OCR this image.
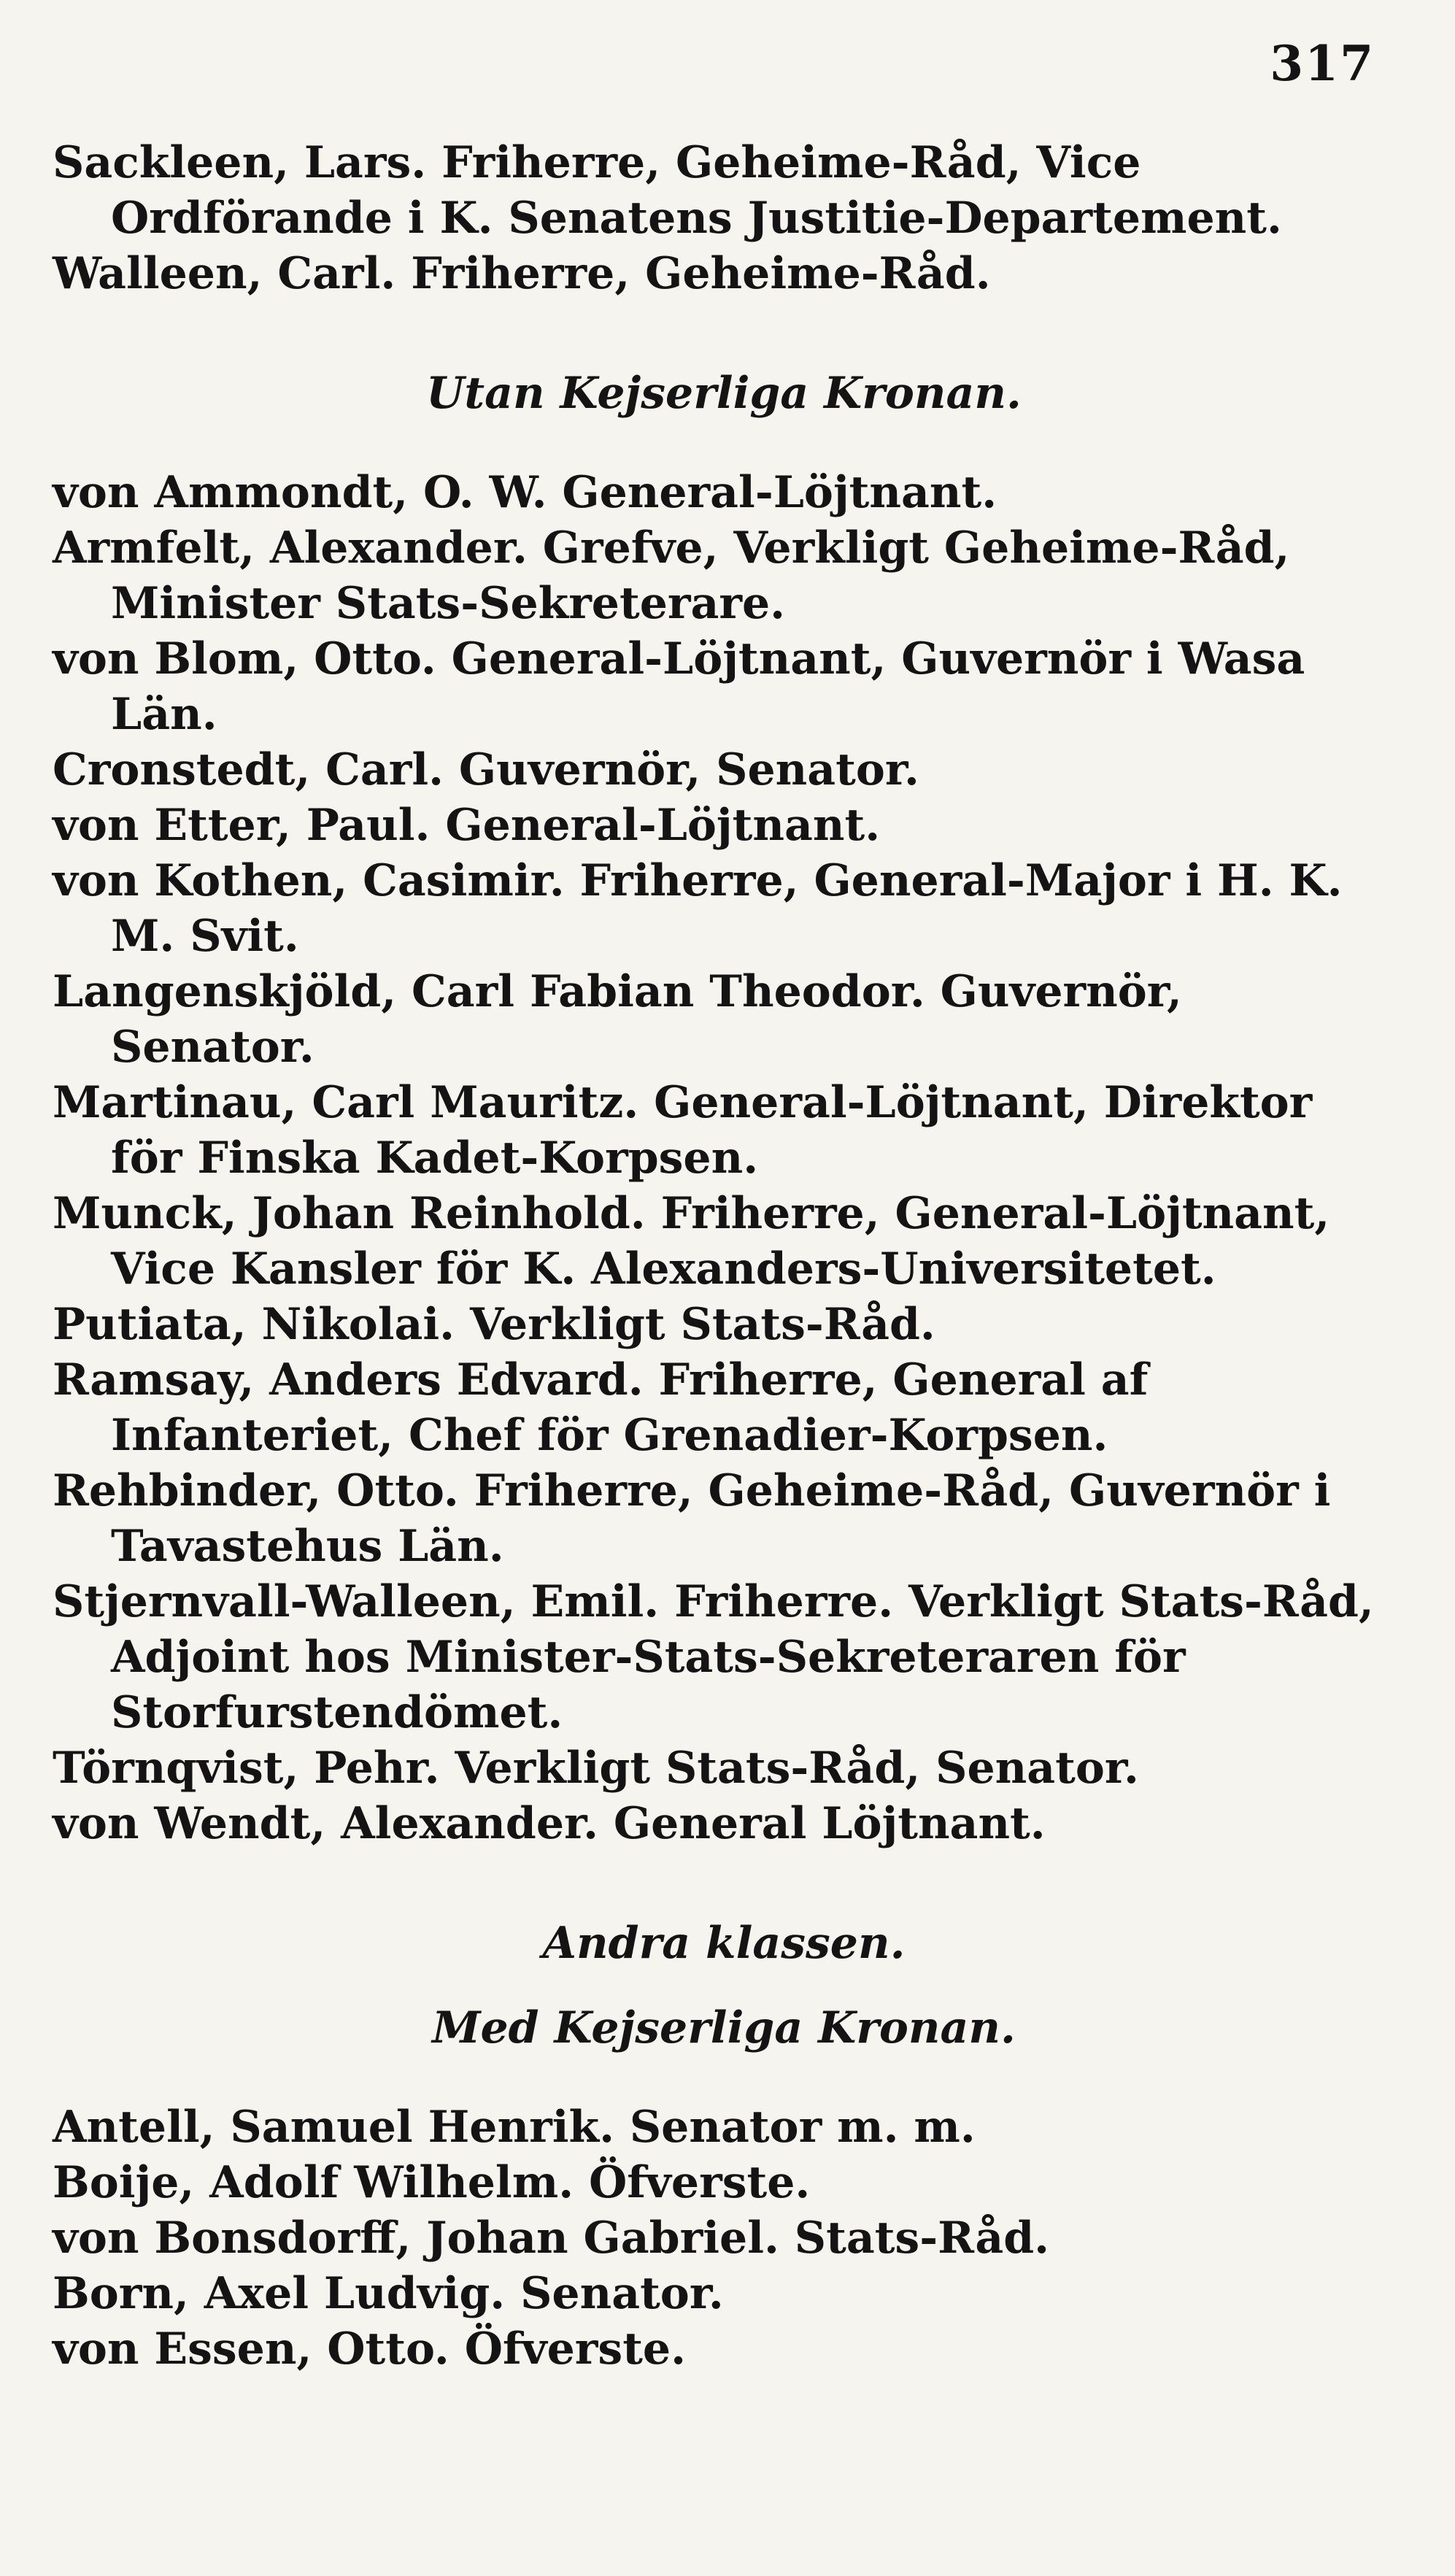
317

Sackleen, Lars. Friherre, Geheime-Råd, Vice Ordförande i K. Senatens Justitie-Departement.

Walleen, Carl. Friherre, Geheime-Råd.

Utan Kejserliga Kronan.

von Ammondt, O. W. General-Löjtnant.

Armfelt, Alexander. Grefve, Verkligt Geheime-Råd, Minister Stats-Sekreterare.

von Blom, Otto. General-Löjtnant, Guvernör i Wasa Län.

Cronstedt, Carl. Guvernör, Senator.

von Etter, Paul. General-Löjtnant.

von Kothen, Casimir. Friherre, General-Major i H. K. M. Svit.

Langenskjöld, Carl Fabian Theodor. Guvernör, Senator.

Martinau, Carl Mauritz. General-Löjtnant, Direktor för Finska Kadet-Korpsen.

Munck, Johan Reinhold. Friherre, General-Löjtnant, Vice Kansler för K. Alexanders-Universitetet.

Putiata, Nikolai. Verkligt Stats-Råd.

Ramsay, Anders Edvard. Friherre, General af Infanteriet, Chef för Grenadier-Korpsen.

Rehbinder, Otto. Friherre, Geheime-Råd, Guvernör i Tavastehus Län.

Stjernvall-Walleen, Emil. Friherre. Verkligt Stats-Råd, Adjoint hos Minister-Stats-Sekreteraren för Storfurstendömet.

Törnqvist, Pehr. Verkligt Stats-Råd, Senator.

von Wendt, Alexander. General Löjtnant.

Andra klassen.

Med Kejserliga Kronan.

Antell, Samuel Henrik. Senator m. m.

Boije, Adolf Wilhelm. Öfverste.

von Bonsdorff, Johan Gabriel. Stats-Råd.

Born, Axel Ludvig. Senator.

von Essen, Otto. Öfverste.
